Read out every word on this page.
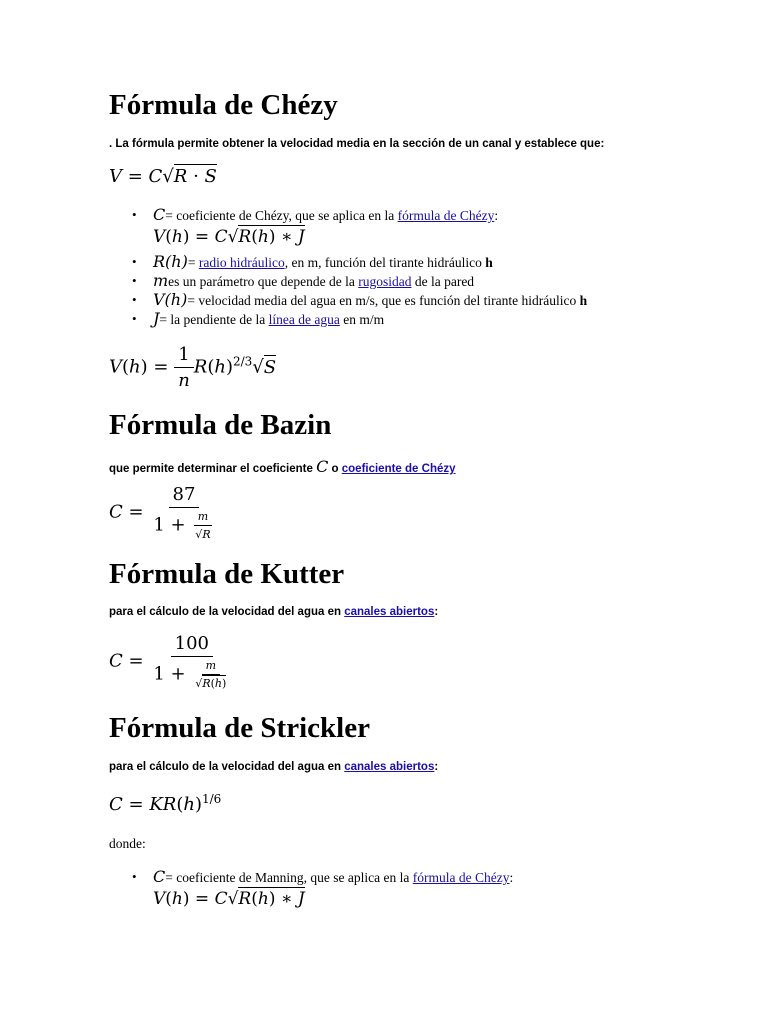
Fórmula de Chézy

. La fórmula permite obtener la velocidad media en la sección de un canal y establece que:

V = C√R · S
• C= coeficiente de Chézy, que se aplica en la fórmula de Chézy:
V(h) = C√R(h) ∗ J
• R(h)= radio hidráulico, en m, función del tirante hidráulico h
• mes un parámetro que depende de la rugosidad de la pared
• V(h)= velocidad media del agua en m/s, que es función del tirante hidráulico h
• J= la pendiente de la línea de agua en m/m
$V(h) = \frac{1}{n} R(h)^{2/3}√S$
Fórmula de Bazin

que permite determinar el coeficiente C o coeficiente de Chézy

$C = \frac{87}{1 + \frac{m}{√R}}$
Fórmula de Kutter

para el cálculo de la velocidad del agua en canales abiertos:

$C = \frac{100}{1 + \frac{m}{√R(h)}}$
Fórmula de Strickler

para el cálculo de la velocidad del agua en canales abiertos:

$C = KR(h)^{1/6}$

donde:

• C= coeficiente de Manning, que se aplica en la fórmula de Chézy:
V(h) = C√R(h) ∗ J
